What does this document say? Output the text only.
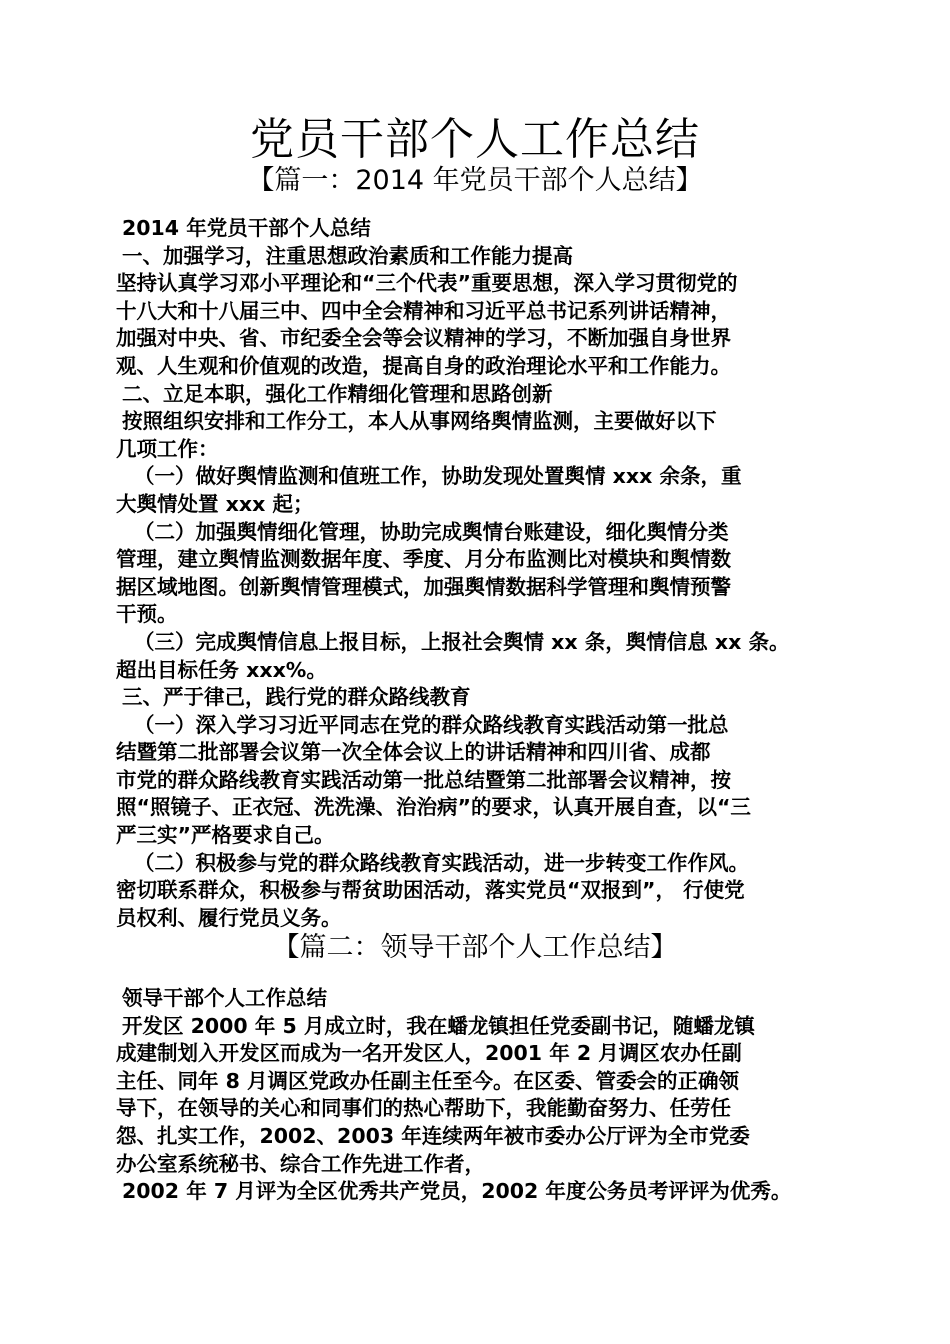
党员干部个人工作总结
【篇一：2014 年党员干部个人总结】
2014 年党员干部个人总结
一、加强学习，注重思想政治素质和工作能力提高
坚持认真学习邓小平理论和“三个代表”重要思想，深入学习贯彻党的
十八大和十八届三中、四中全会精神和习近平总书记系列讲话精神，
加强对中央、省、市纪委全会等会议精神的学习，不断加强自身世界
观、人生观和价值观的改造，提高自身的政治理论水平和工作能力。
二、立足本职，强化工作精细化管理和思路创新
按照组织安排和工作分工，本人从事网络舆情监测，主要做好以下
几项工作：
（一）做好舆情监测和值班工作，协助发现处置舆情 xxx 余条，重
大舆情处置 xxx 起；
（二）加强舆情细化管理，协助完成舆情台账建设，细化舆情分类
管理，建立舆情监测数据年度、季度、月分布监测比对模块和舆情数
据区域地图。创新舆情管理模式，加强舆情数据科学管理和舆情预警
干预。
（三）完成舆情信息上报目标，上报社会舆情 xx 条，舆情信息 xx 条。
超出目标任务 xxx%。
三、严于律己，践行党的群众路线教育
（一）深入学习习近平同志在党的群众路线教育实践活动第一批总
结暨第二批部署会议第一次全体会议上的讲话精神和四川省、成都
市党的群众路线教育实践活动第一批总结暨第二批部署会议精神，按
照“照镜子、正衣冠、洗洗澡、治治病”的要求，认真开展自查，以“三
严三实”严格要求自己。
（二）积极参与党的群众路线教育实践活动，进一步转变工作作风。
密切联系群众，积极参与帮贫助困活动，落实党员“双报到”， 行使党
员权利、履行党员义务。
【篇二：领导干部个人工作总结】
领导干部个人工作总结
开发区 2000 年 5 月成立时，我在蟠龙镇担任党委副书记，随蟠龙镇
成建制划入开发区而成为一名开发区人，2001 年 2 月调区农办任副
主任、同年 8 月调区党政办任副主任至今。在区委、管委会的正确领
导下，在领导的关心和同事们的热心帮助下，我能勤奋努力、任劳任
怨、扎实工作，2002、2003 年连续两年被市委办公厅评为全市党委
办公室系统秘书、综合工作先进工作者，
2002 年 7 月评为全区优秀共产党员，2002 年度公务员考评评为优秀。
